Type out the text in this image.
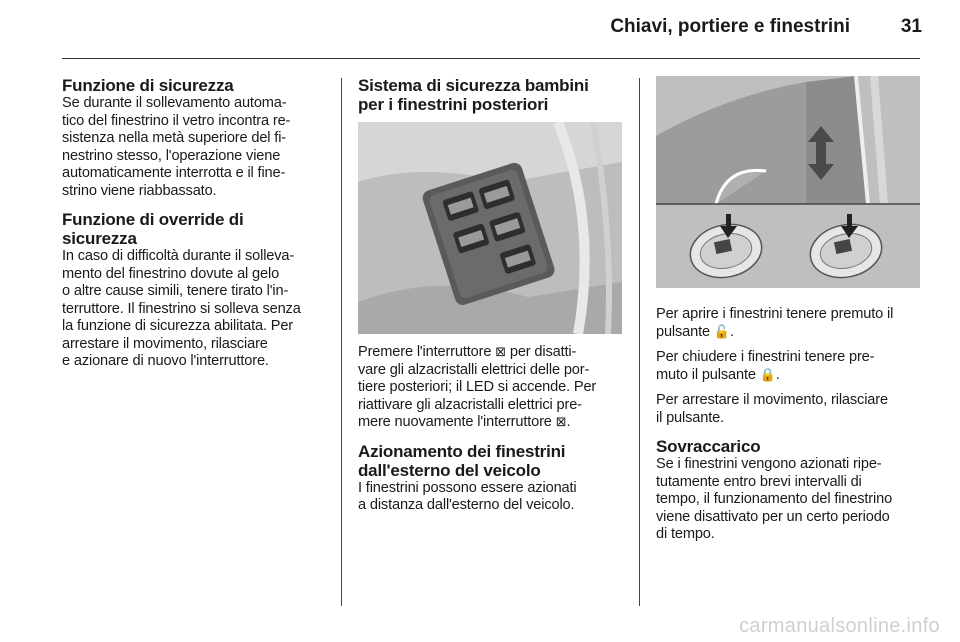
Chiavi, portiere e finestrini	31
Funzione di sicurezza

Se durante il sollevamento automa-
tico del finestrino il vetro incontra re-
sistenza nella metà superiore del fi-
nestrino stesso, l'operazione viene
automaticamente interrotta e il fine-
strino viene riabbassato.

Funzione di override di
sicurezza

In caso di difficoltà durante il solleva-
mento del finestrino dovute al gelo
o altre cause simili, tenere tirato l'in-
terruttore. Il finestrino si solleva senza
la funzione di sicurezza abilitata. Per
arrestare il movimento, rilasciare
e azionare di nuovo l'interruttore.

Sistema di sicurezza bambini
per i finestrini posteriori

Premere l'interruttore ⊠ per disatti-
vare gli alzacristalli elettrici delle por-
tiere posteriori; il LED si accende. Per
riattivare gli alzacristalli elettrici pre-
mere nuovamente l'interruttore ⊠.

Azionamento dei finestrini
dall'esterno del veicolo

I finestrini possono essere azionati
a distanza dall'esterno del veicolo.

Per aprire i finestrini tenere premuto il
pulsante 🔓.

Per chiudere i finestrini tenere pre-
muto il pulsante 🔒.

Per arrestare il movimento, rilasciare
il pulsante.

Sovraccarico

Se i finestrini vengono azionati ripe-
tutamente entro brevi intervalli di
tempo, il funzionamento del finestrino
viene disattivato per un certo periodo
di tempo.

carmanualsonline.info
